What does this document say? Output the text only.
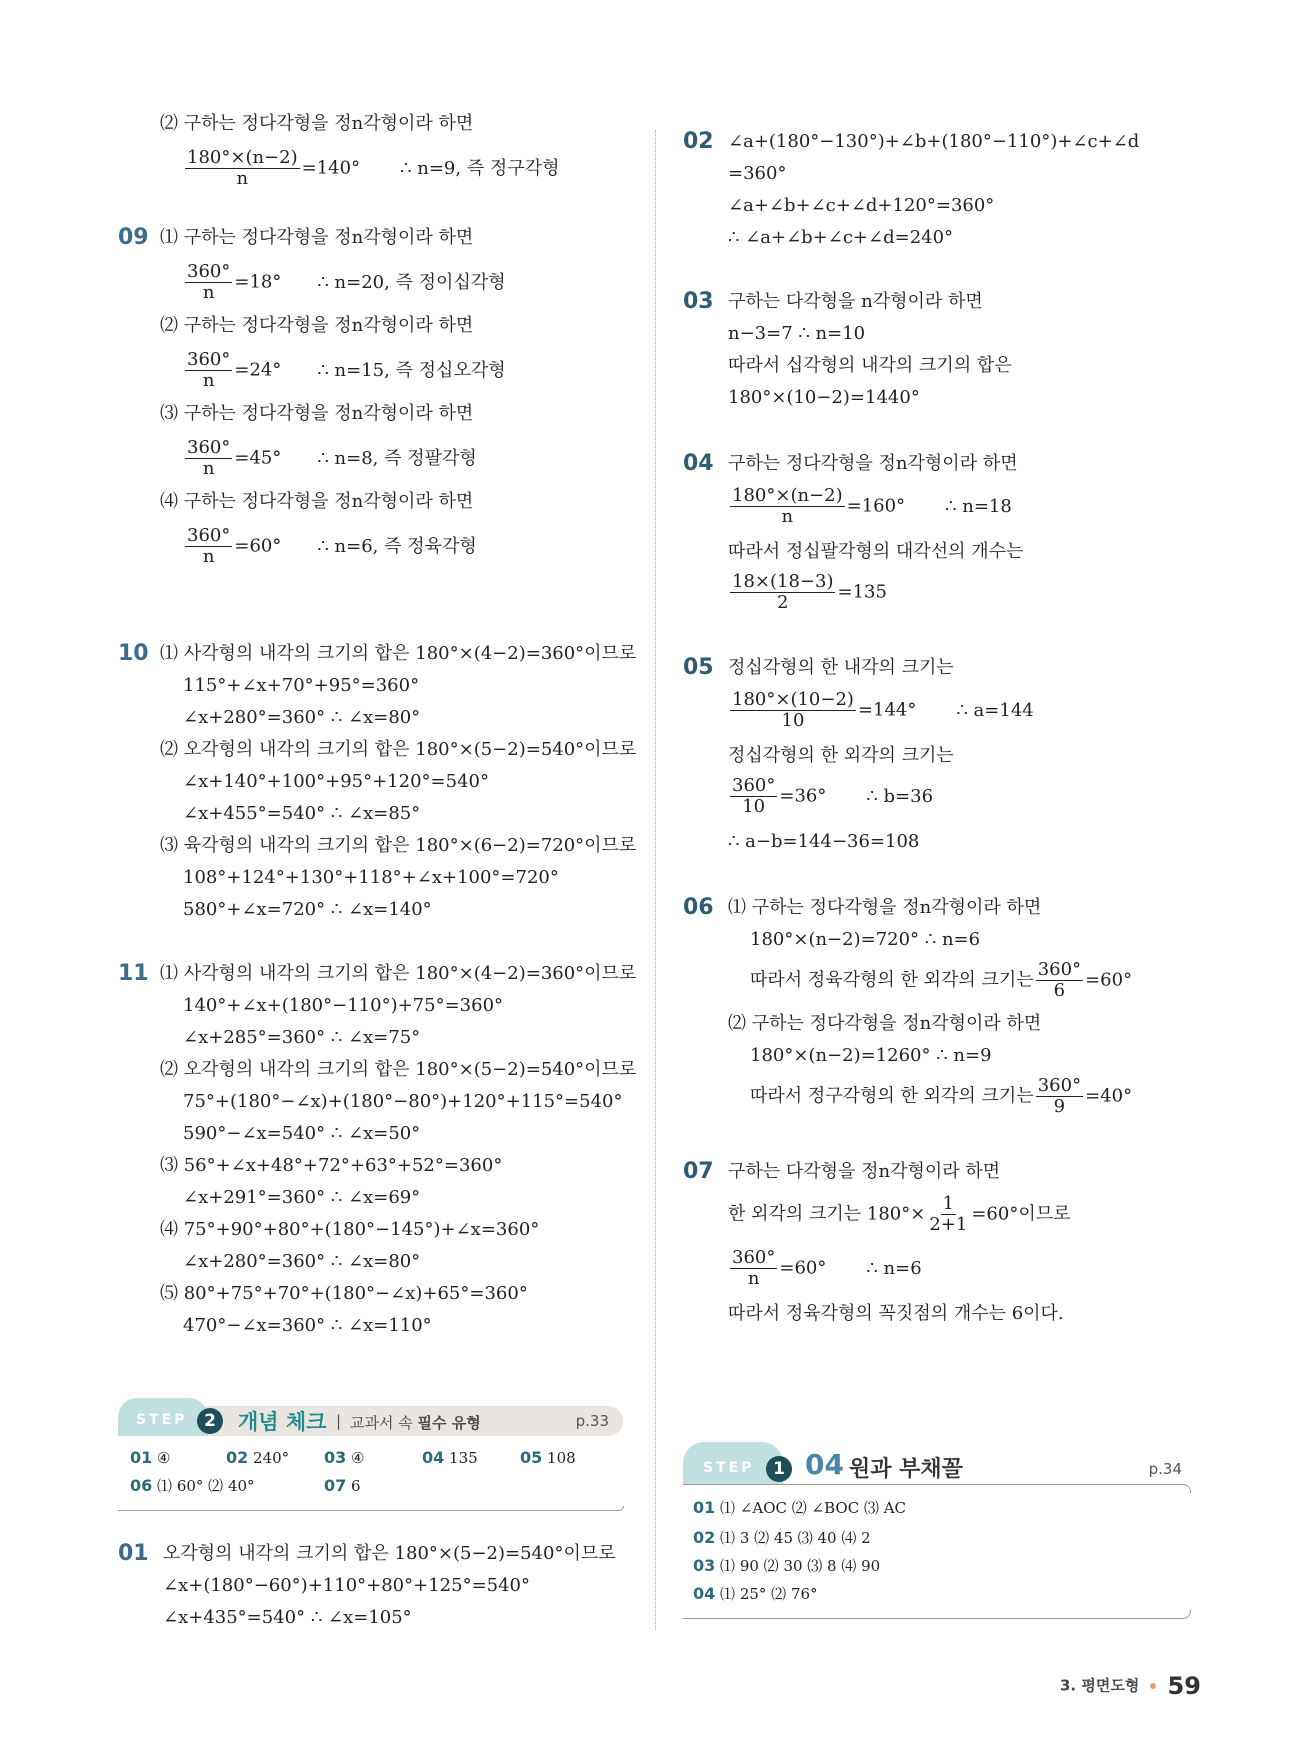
⑵ 구하는 정다각형을 정n각형이라 하면
$\frac{180^\circ\times(n-2)}{n} =140^\circ$ ∴ n=9, 즉 정구각형
09 ⑴ 구하는 정다각형을 정n각형이라 하면
$\frac{360^\circ}{n} =18^\circ$ ∴ n=20, 즉 정이십각형
⑵ 구하는 정다각형을 정n각형이라 하면
$\frac{360^\circ}{n} =24^\circ$ ∴ n=15, 즉 정십오각형
⑶ 구하는 정다각형을 정n각형이라 하면
$\frac{360^\circ}{n} =45^\circ$ ∴ n=8, 즉 정팔각형
⑷ 구하는 정다각형을 정n각형이라 하면
$\frac{360^\circ}{n} =60^\circ$ ∴ n=6, 즉 정육각형
10 ⑴ 사각형의 내각의 크기의 합은 180°×(4−2)=360°이므로
115°+∠x+70°+95°=360°
∠x+280°=360° ∴ ∠x=80°
⑵ 오각형의 내각의 크기의 합은 180°×(5−2)=540°이므로
∠x+140°+100°+95°+120°=540°
∠x+455°=540° ∴ ∠x=85°
⑶ 육각형의 내각의 크기의 합은 180°×(6−2)=720°이므로
108°+124°+130°+118°+∠x+100°=720°
580°+∠x=720° ∴ ∠x=140°
11 ⑴ 사각형의 내각의 크기의 합은 180°×(4−2)=360°이므로
140°+∠x+(180°−110°)+75°=360°
∠x+285°=360° ∴ ∠x=75°
⑵ 오각형의 내각의 크기의 합은 180°×(5−2)=540°이므로
75°+(180°−∠x)+(180°−80°)+120°+115°=540°
590°−∠x=540° ∴ ∠x=50°
⑶ 56°+∠x+48°+72°+63°+52°=360°
∠x+291°=360° ∴ ∠x=69°
⑷ 75°+90°+80°+(180°−145°)+∠x=360°
∠x+280°=360° ∴ ∠x=80°
⑸ 80°+75°+70°+(180°−∠x)+65°=360°
470°−∠x=360° ∴ ∠x=110°
STEP 2	개념 체크 | 교과서 속 필수 유형	p.33
01 ④	02 240° 03 ④	04 135	05 108
06 ⑴ 60° ⑵ 40°	07 6
01 오각형의 내각의 크기의 합은 180°×(5−2)=540°이므로
∠x+(180°−60°)+110°+80°+125°=540°
∠x+435°=540° ∴ ∠x=105°
02 ∠a+(180°−130°)+∠b+(180°−110°)+∠c+∠d
=360°
∠a+∠b+∠c+∠d+120°=360°
∴ ∠a+∠b+∠c+∠d=240°
03 구하는 다각형을 n각형이라 하면
n−3=7 ∴ n=10
따라서 십각형의 내각의 크기의 합은
180°×(10−2)=1440°
04 구하는 정다각형을 정n각형이라 하면
$\frac{180^\circ\times(n-2)}{n} =160^\circ$ ∴ n=18
따라서 정십팔각형의 대각선의 개수는
$\frac{18\times(18-3)}{2} =135$
05 정십각형의 한 내각의 크기는
$\frac{180^\circ\times(10-2)}{10} =144^\circ$ ∴ a=144
정십각형의 한 외각의 크기는
$\frac{360^\circ}{10} =36^\circ$ ∴ b=36
∴ a−b=144−36=108
06 ⑴ 구하는 정다각형을 정n각형이라 하면
180°×(n−2)=720° ∴ n=6
따라서 정육각형의 한 외각의 크기는 $\frac{360^\circ}{6} =60^\circ$
⑵ 구하는 정다각형을 정n각형이라 하면
180°×(n−2)=1260° ∴ n=9
따라서 정구각형의 한 외각의 크기는 $\frac{360^\circ}{9} =40^\circ$
07 구하는 다각형을 정n각형이라 하면
한 외각의 크기는 $180^\circ\times \frac{1}{2+1} =60^\circ$이므로
$\frac{360^\circ}{n} =60^\circ$ ∴ n=6
따라서 정육각형의 꼭짓점의 개수는 6이다.
STEP	1 04 원과 부채꼴	p.34
01 ⑴ ∠AOC ⑵ ∠BOC ⑶ AC
02 ⑴ 3 ⑵ 45 ⑶ 40 ⑷ 2
03 ⑴ 90 ⑵ 30 ⑶ 8 ⑷ 90
04 ⑴ 25° ⑵ 76°
3. 평면도형 59
